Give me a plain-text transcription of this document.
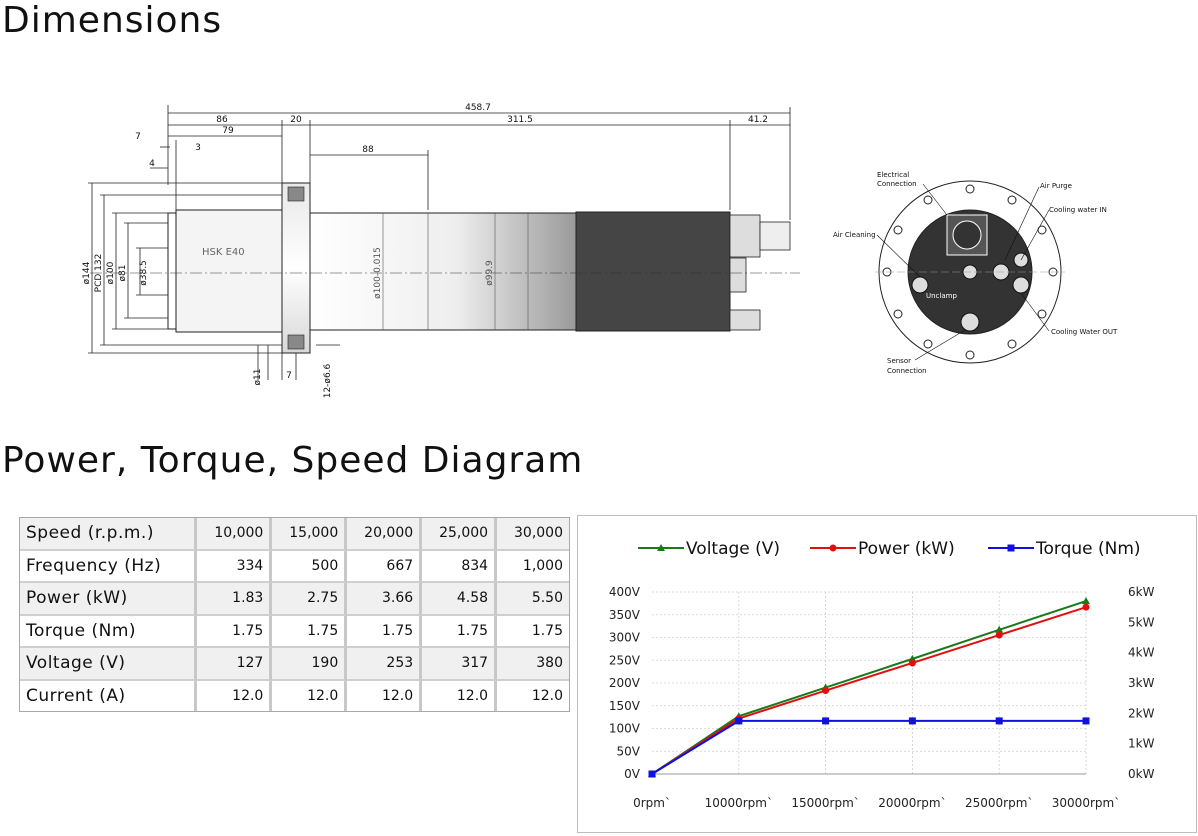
Dimensions
458.7
86	20	311.5	41.2
7
79
3	88
4
ø144 PCD 132 ø100 ø81 ø38.5	ø100-0.015	ø99.9
ø11	7	12-ø6.6
HSK E40
Electrical
Connection	Air Purge
Cooling water IN
Air Cleaning
Unclamp
Cooling Water OUT
Sensor
Connection
Power, Torque, Speed Diagram
Speed (r.p.m.)	10,000	15,000	20,000	25,000	30,000
Frequency (Hz)	334	500	667	834	1,000
Power (kW)	1.83	2.75	3.66	4.58	5.50
Torque (Nm)	1.75	1.75	1.75	1.75	1.75
Voltage (V)	127	190	253	317	380
Current (A)	12.0	12.0	12.0	12.0	12.0
0V
50V
100V
150V
200V
250V
300V
350V
400V
0kW
1kW
2kW
3kW
4kW
5kW
6kW
0rpm`	10000rpm` 15000rpm` 20000rpm` 25000rpm` 30000rpm`
Voltage (V)	Power (kW)	Torque (Nm)
